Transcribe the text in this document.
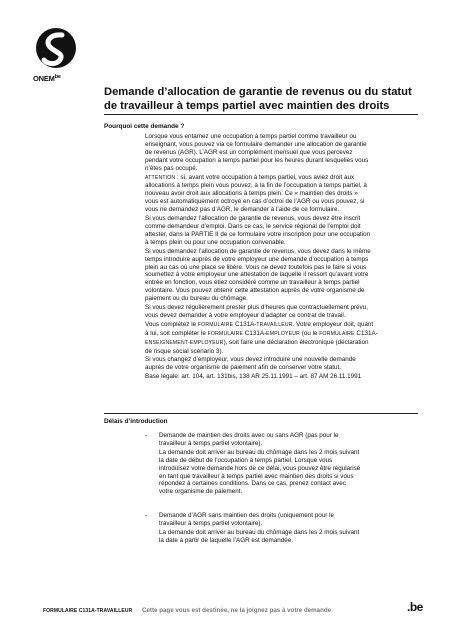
$ONEM^{be}$
Demande d’allocation de garantie de revenus ou du statut de travailleur à temps partiel avec maintien des droits
Pourquoi cette demande ?

Lorsque vous entamez une occupation à temps partiel comme travailleur ou
enseignant, vous pouvez via ce formulaire demander une allocation de garantie
de revenus (AGR). L’AGR est un complément mensuel que vous percevez
pendant votre occupation à temps partiel pour les heures durant lesquelles vous
n’êtes pas occupé.

ATTENTION : si, avant votre occupation à temps partiel, vous aviez droit aux
allocations à temps plein vous pouvez, à la fin de l’occupation à temps partiel, à
nouveau avoir droit aux allocations à temps plein. Ce « maintien des droits »
vous est automatiquement octroyé en cas d’octroi de l’AGR ou vous pouvez, si
vous ne demandez pas d’AGR, le demander à l’aide de ce formulaire.

Si vous demandez l’allocation de garantie de revenus, vous devez être inscrit
comme demandeur d’emploi. Dans ce cas, le service régional de l’emploi doit
attester, dans la PARTIE II de ce formulaire votre inscription pour une occupation
à temps plein ou pour une occupation convenable.

Si vous demandez l’allocation de garantie de revenus, vous devez dans le même
temps introduire auprès de votre employeur une demande d’occupation à temps
plein au cas où une place se libère. Vous ne devez toutefois pas le faire si vous
soumettez à votre employeur une attestation de laquelle il ressort qu’avant votre
entrée en fonction, vous étiez considéré comme un travailleur à temps partiel
volontaire. Vous pouvez obtenir cette attestation auprès de votre organisme de
paiement ou du bureau du chômage.

Si vous devez régulièrement prester plus d’heures que contractuellement prévu,
vous devez demander à votre employeur d’adapter ce contrat de travail.

Vous complétez le FORMULAIRE C131A-TRAVAILLEUR. Votre employeur doit, quant
à lui, soit compléter le FORMULAIRE C131A-EMPLOYEUR (ou le FORMULAIRE C131A-
ENSEIGNEMENT-EMPLOYEUR), soit faire une déclaration électronique (déclaration
de risque social scénario 3).

Si vous changez d’employeur, vous devez introduire une nouvelle demande
auprès de votre organisme de paiement afin de conserver votre statut.

Base légale: art. 104, art. 131bis, 138 AR 25.11.1991 – art. 87 AM 26.11.1991

Délais d’introduction
- Demande de maintien des droits avec ou sans AGR (pas pour le
travailleur à temps partiel volontaire).

La demande doit arriver au bureau du chômage dans les 2 mois suivant
la date de début de l’occupation à temps partiel. Lorsque vous
introduisez votre demande hors de ce délai, vous pouvez être régularisé
en tant que travailleur à temps partiel avec maintien des droits si vous
répondez à certaines conditions. Dans ce cas, prenez contact avec
votre organisme de paiement.

- Demande d’AGR sans maintien des droits (uniquement pour le
travailleur à temps partiel volontaire).

La demande doit arriver au bureau du chômage dans les 2 mois suivant
la date à partir de laquelle l’AGR est demandée.

FORMULAIRE C131A-TRAVAILLEUR Cette page vous est destinée, ne la joignez pas à votre demande	.be
